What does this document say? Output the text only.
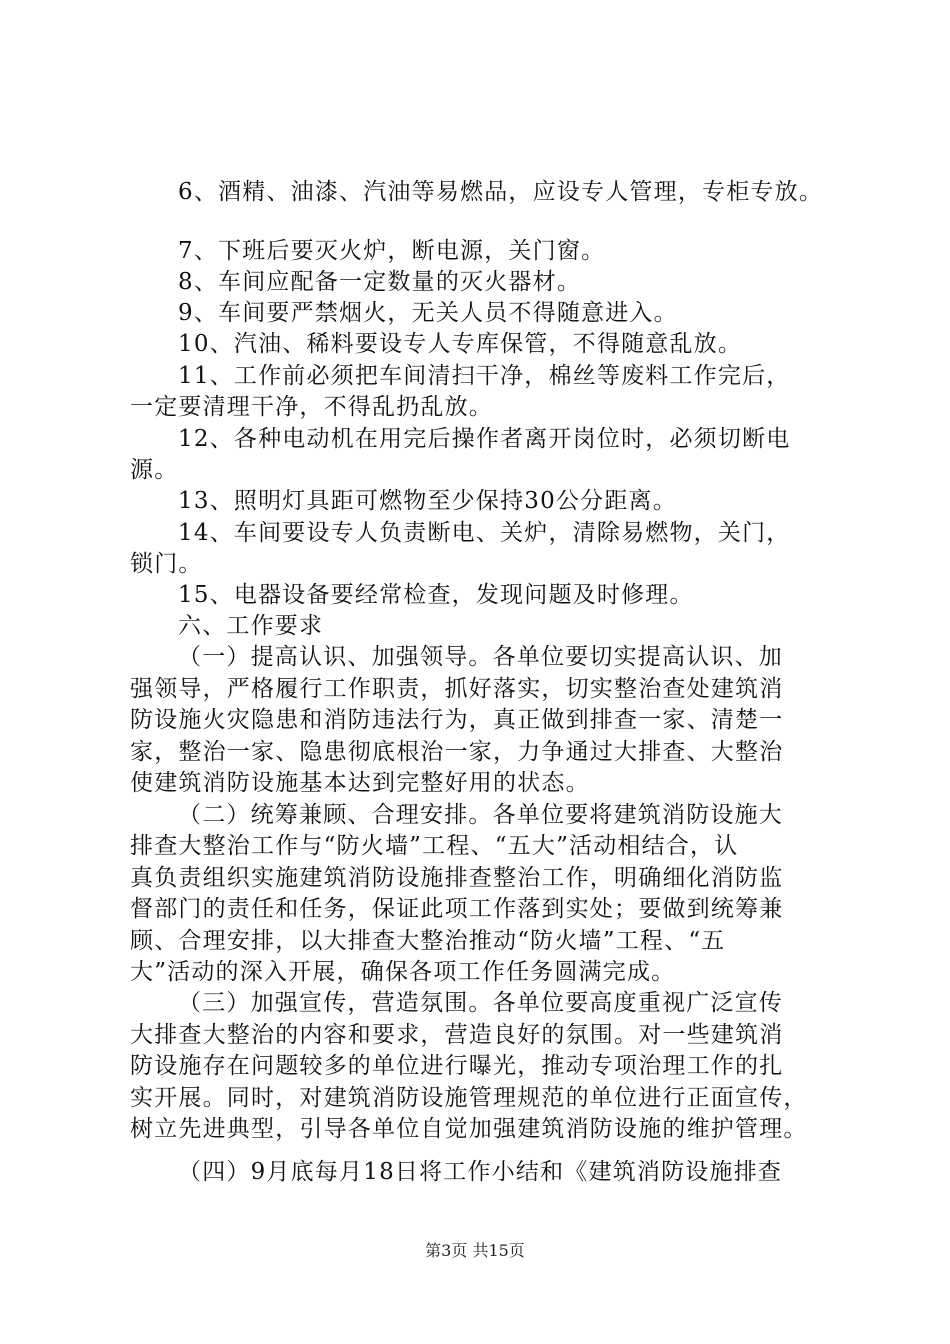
6、酒精、油漆、汽油等易燃品，应设专人管理，专柜专放。
7、下班后要灭火炉，断电源，关门窗。
8、车间应配备一定数量的灭火器材。
9、车间要严禁烟火，无关人员不得随意进入。
10、汽油、稀料要设专人专库保管，不得随意乱放。
11、工作前必须把车间清扫干净，棉丝等废料工作完后，
一定要清理干净，不得乱扔乱放。
12、各种电动机在用完后操作者离开岗位时，必须切断电
源。
13、照明灯具距可燃物至少保持30公分距离。
14、车间要设专人负责断电、关炉，清除易燃物，关门，
锁门。
15、电器设备要经常检查，发现问题及时修理。
六、工作要求
（一）提高认识、加强领导。各单位要切实提高认识、加
强领导，严格履行工作职责，抓好落实，切实整治查处建筑消
防设施火灾隐患和消防违法行为，真正做到排查一家、清楚一
家，整治一家、隐患彻底根治一家，力争通过大排查、大整治
使建筑消防设施基本达到完整好用的状态。
（二）统筹兼顾、合理安排。各单位要将建筑消防设施大
排查大整治工作与“防火墙”工程、“五大”活动相结合，认
真负责组织实施建筑消防设施排查整治工作，明确细化消防监
督部门的责任和任务，保证此项工作落到实处；要做到统筹兼
顾、合理安排，以大排查大整治推动“防火墙”工程、“五
大”活动的深入开展，确保各项工作任务圆满完成。
（三）加强宣传，营造氛围。各单位要高度重视广泛宣传
大排查大整治的内容和要求，营造良好的氛围。对一些建筑消
防设施存在问题较多的单位进行曝光，推动专项治理工作的扎
实开展。同时，对建筑消防设施管理规范的单位进行正面宣传，
树立先进典型，引导各单位自觉加强建筑消防设施的维护管理。
（四）9月底每月18日将工作小结和《建筑消防设施排查
第3页 共15页
